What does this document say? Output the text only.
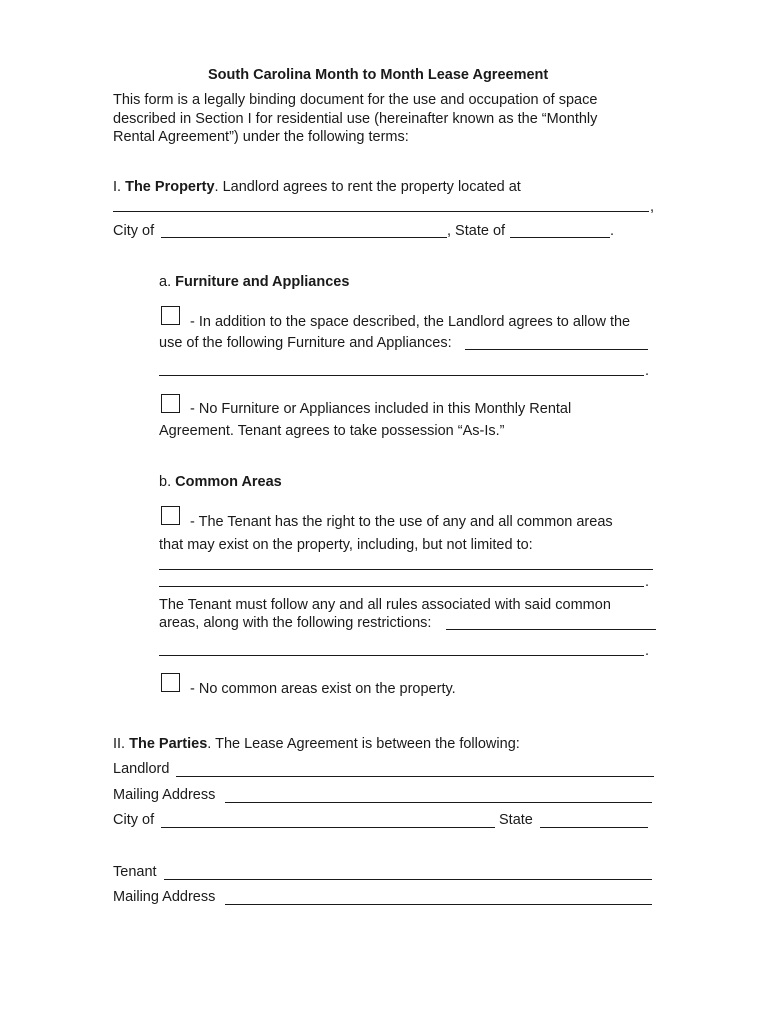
South Carolina Month to Month Lease Agreement
This form is a legally binding document for the use and occupation of space
described in Section I for residential use (hereinafter known as the “Monthly
Rental Agreement”) under the following terms:
I. The Property. Landlord agrees to rent the property located at
,
City of	, State of	.
a. Furniture and Appliances
- In addition to the space described, the Landlord agrees to allow the
use of the following Furniture and Appliances:
.
- No Furniture or Appliances included in this Monthly Rental
Agreement. Tenant agrees to take possession “As-Is.”
b. Common Areas
- The Tenant has the right to the use of any and all common areas
that may exist on the property, including, but not limited to:
.
The Tenant must follow any and all rules associated with said common
areas, along with the following restrictions:
.
- No common areas exist on the property.
II. The Parties. The Lease Agreement is between the following:
Landlord
Mailing Address
City of	State
Tenant
Mailing Address
